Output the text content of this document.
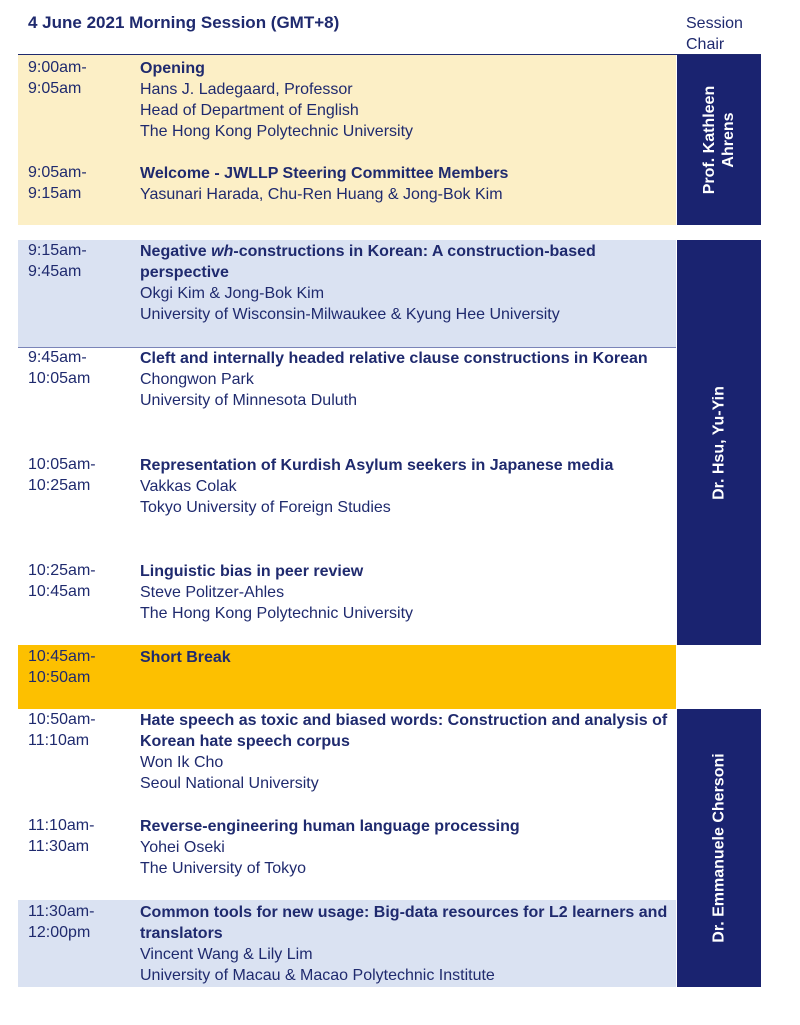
4 June 2021 Morning Session (GMT+8)	Session
Chair
9:00am-
9:05am
Opening
Hans J. Ladegaard, Professor
Head of Department of English
The Hong Kong Polytechnic University
9:05am-
9:15am
Welcome - JWLLP Steering Committee Members
Yasunari Harada, Chu-Ren Huang & Jong-Bok Kim
Prof. Kathleen Ahrens
9:15am-
9:45am
Negative wh-constructions in Korean: A construction-based perspective
Okgi Kim & Jong-Bok Kim
University of Wisconsin-Milwaukee & Kyung Hee University
9:45am-
10:05am
Cleft and internally headed relative clause constructions in Korean
Chongwon Park
University of Minnesota Duluth
10:05am-
10:25am
Representation of Kurdish Asylum seekers in Japanese media
Vakkas Colak
Tokyo University of Foreign Studies
10:25am-
10:45am
Linguistic bias in peer review
Steve Politzer-Ahles
The Hong Kong Polytechnic University
Dr. Hsu, Yu-Yin
10:45am-
10:50am
Short Break
10:50am-
11:10am
Hate speech as toxic and biased words: Construction and analysis of Korean hate speech corpus
Won Ik Cho
Seoul National University
11:10am-
11:30am
Reverse-engineering human language processing
Yohei Oseki
The University of Tokyo
11:30am-
12:00pm
Common tools for new usage: Big-data resources for L2 learners and translators
Vincent Wang & Lily Lim
University of Macau & Macao Polytechnic Institute
Dr. Emmanuele Chersoni
